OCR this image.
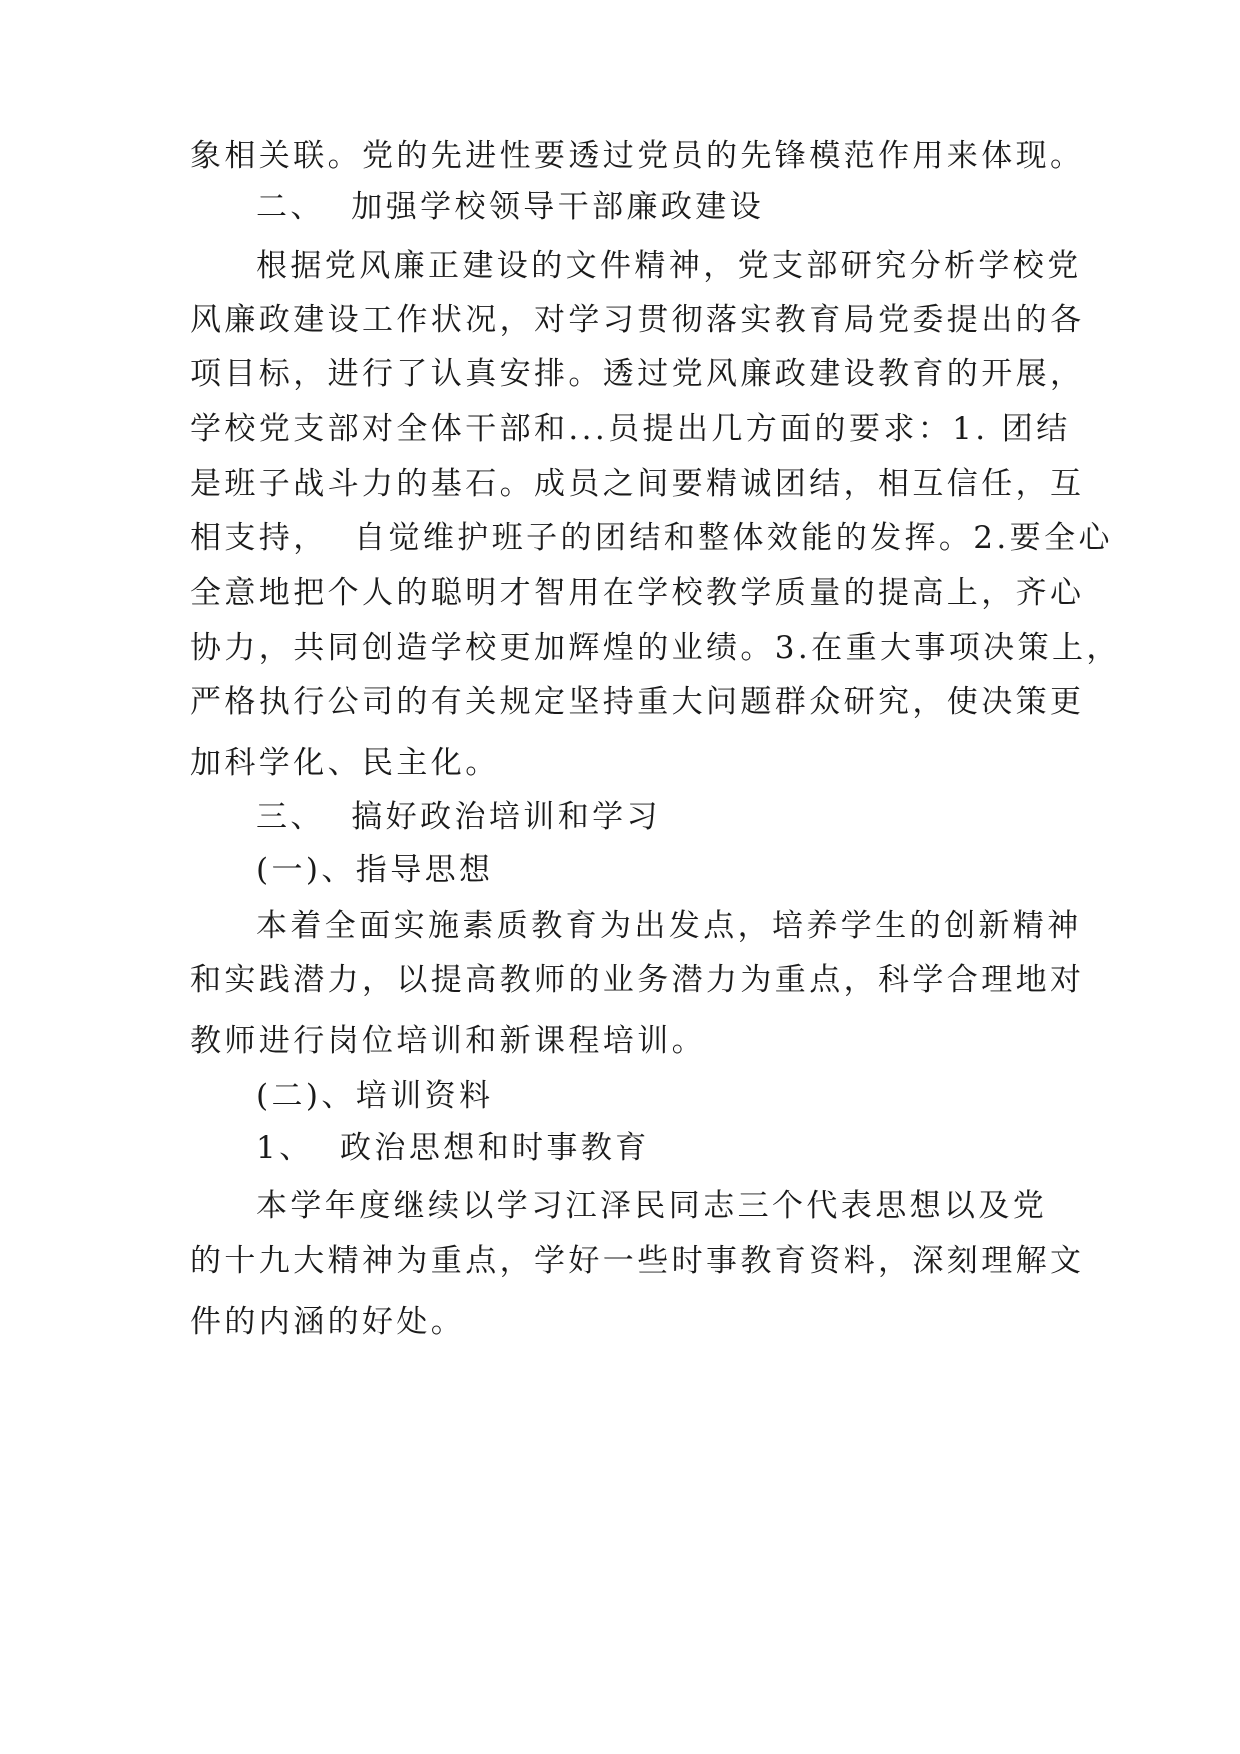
象相关联。党的先进性要透过党员的先锋模范作用来体现。
二、  加强学校领导干部廉政建设
根据党风廉正建设的文件精神，党支部研究分析学校党
风廉政建设工作状况，对学习贯彻落实教育局党委提出的各
项目标，进行了认真安排。透过党风廉政建设教育的开展，
学校党支部对全体干部和...员提出几方面的要求：1. 团结
是班子战斗力的基石。成员之间要精诚团结，相互信任，互
相支持，  自觉维护班子的团结和整体效能的发挥。2.要全心
全意地把个人的聪明才智用在学校教学质量的提高上，齐心
协力，共同创造学校更加辉煌的业绩。3.在重大事项决策上，
严格执行公司的有关规定坚持重大问题群众研究，使决策更
加科学化、民主化。
三、  搞好政治培训和学习
(一)、指导思想
本着全面实施素质教育为出发点，培养学生的创新精神
和实践潜力，以提高教师的业务潜力为重点，科学合理地对
教师进行岗位培训和新课程培训。
(二)、培训资料
1、  政治思想和时事教育
本学年度继续以学习江泽民同志三个代表思想以及党
的十九大精神为重点，学好一些时事教育资料，深刻理解文
件的内涵的好处。
